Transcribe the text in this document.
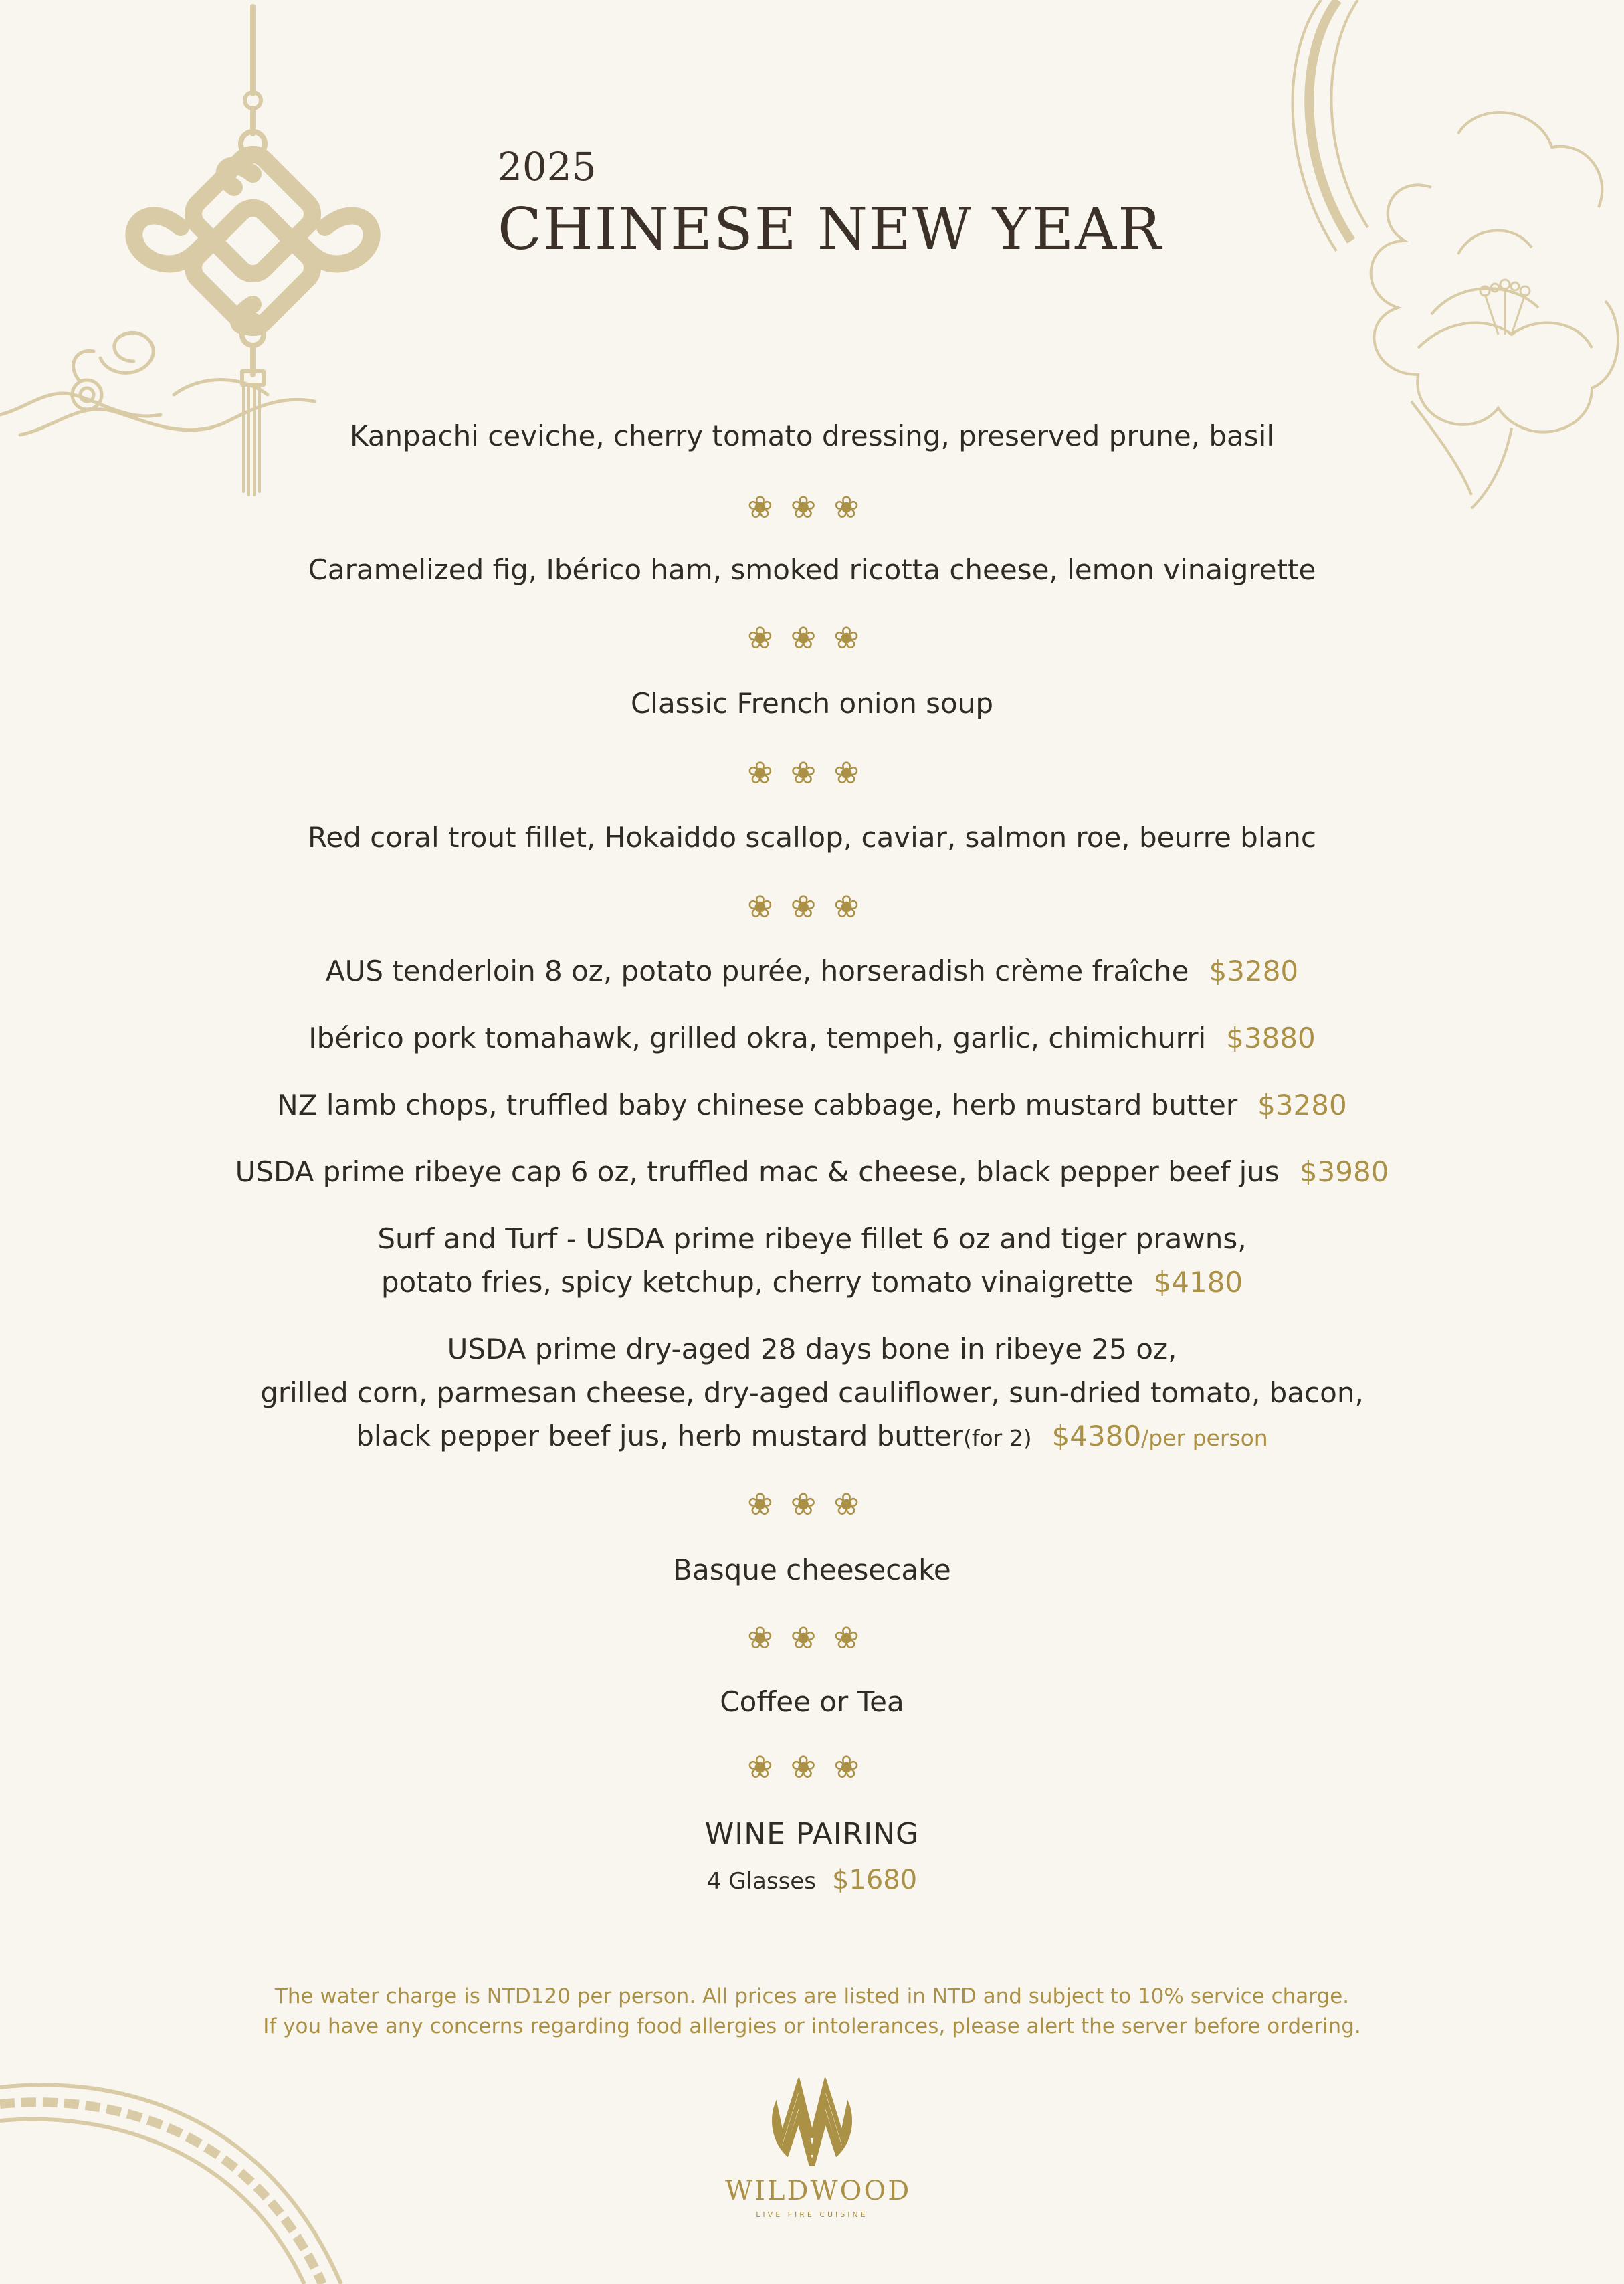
2025
CHINESE NEW YEAR
Kanpachi ceviche, cherry tomato dressing, preserved prune, basil
❀❀❀
Caramelized fig, Ibérico ham, smoked ricotta cheese, lemon vinaigrette
❀❀❀
Classic French onion soup
❀❀❀
Red coral trout fillet, Hokaiddo scallop, caviar, salmon roe, beurre blanc
❀❀❀
AUS tenderloin 8 oz, potato purée, horseradish crème fraîche $3280
Ibérico pork tomahawk, grilled okra, tempeh, garlic, chimichurri $3880
NZ lamb chops, truffled baby chinese cabbage, herb mustard butter $3280
USDA prime ribeye cap 6 oz, truffled mac & cheese, black pepper beef jus $3980
Surf and Turf - USDA prime ribeye fillet 6 oz and tiger prawns,
potato fries, spicy ketchup, cherry tomato vinaigrette $4180
USDA prime dry-aged 28 days bone in ribeye 25 oz,
grilled corn, parmesan cheese, dry-aged cauliflower, sun-dried tomato, bacon,
black pepper beef jus, herb mustard butter(for 2) $4380/per person
❀❀❀
Basque cheesecake
❀❀❀
Coffee or Tea
❀❀❀
WINE PAIRING
4 Glasses $1680
The water charge is NTD120 per person. All prices are listed in NTD and subject to 10% service charge.
If you have any concerns regarding food allergies or intolerances, please alert the server before ordering.
WILDWOOD
LIVE FIRE CUISINE
